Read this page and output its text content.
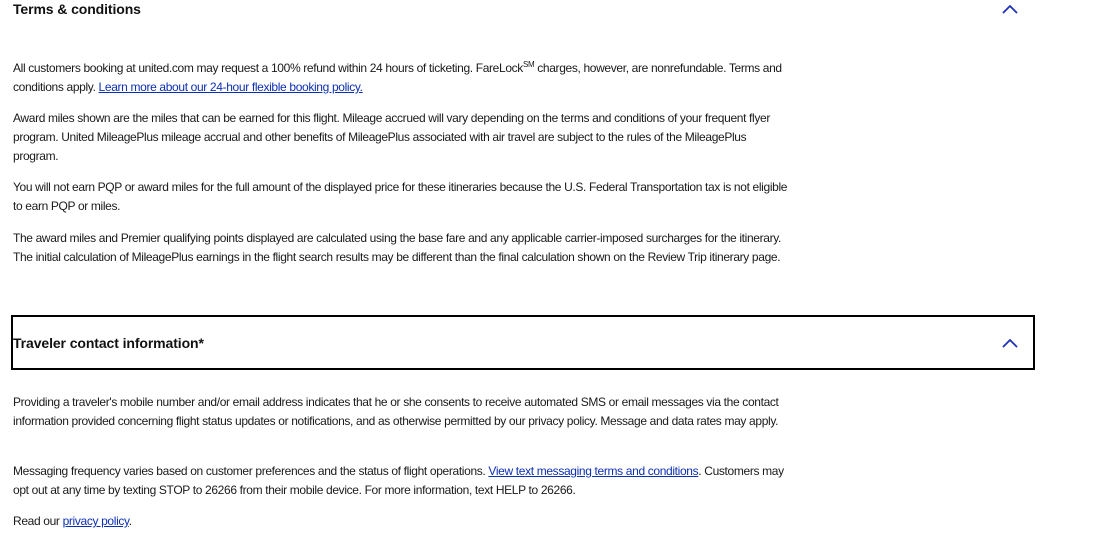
Terms & conditions
All customers booking at united.com may request a 100% refund within 24 hours of ticketing. FareLock℠ charges, however, are nonrefundable. Terms and conditions apply. Learn more about our 24-hour flexible booking policy.
Award miles shown are the miles that can be earned for this flight. Mileage accrued will vary depending on the terms and conditions of your frequent flyer program. United MileagePlus mileage accrual and other benefits of MileagePlus associated with air travel are subject to the rules of the MileagePlus program.
You will not earn PQP or award miles for the full amount of the displayed price for these itineraries because the U.S. Federal Transportation tax is not eligible to earn PQP or miles.
The award miles and Premier qualifying points displayed are calculated using the base fare and any applicable carrier-imposed surcharges for the itinerary. The initial calculation of MileagePlus earnings in the flight search results may be different than the final calculation shown on the Review Trip itinerary page.
Traveler contact information*
Providing a traveler's mobile number and/or email address indicates that he or she consents to receive automated SMS or email messages via the contact information provided concerning flight status updates or notifications, and as otherwise permitted by our privacy policy. Message and data rates may apply.
Messaging frequency varies based on customer preferences and the status of flight operations. View text messaging terms and conditions. Customers may opt out at any time by texting STOP to 26266 from their mobile device. For more information, text HELP to 26266.
Read our privacy policy.
